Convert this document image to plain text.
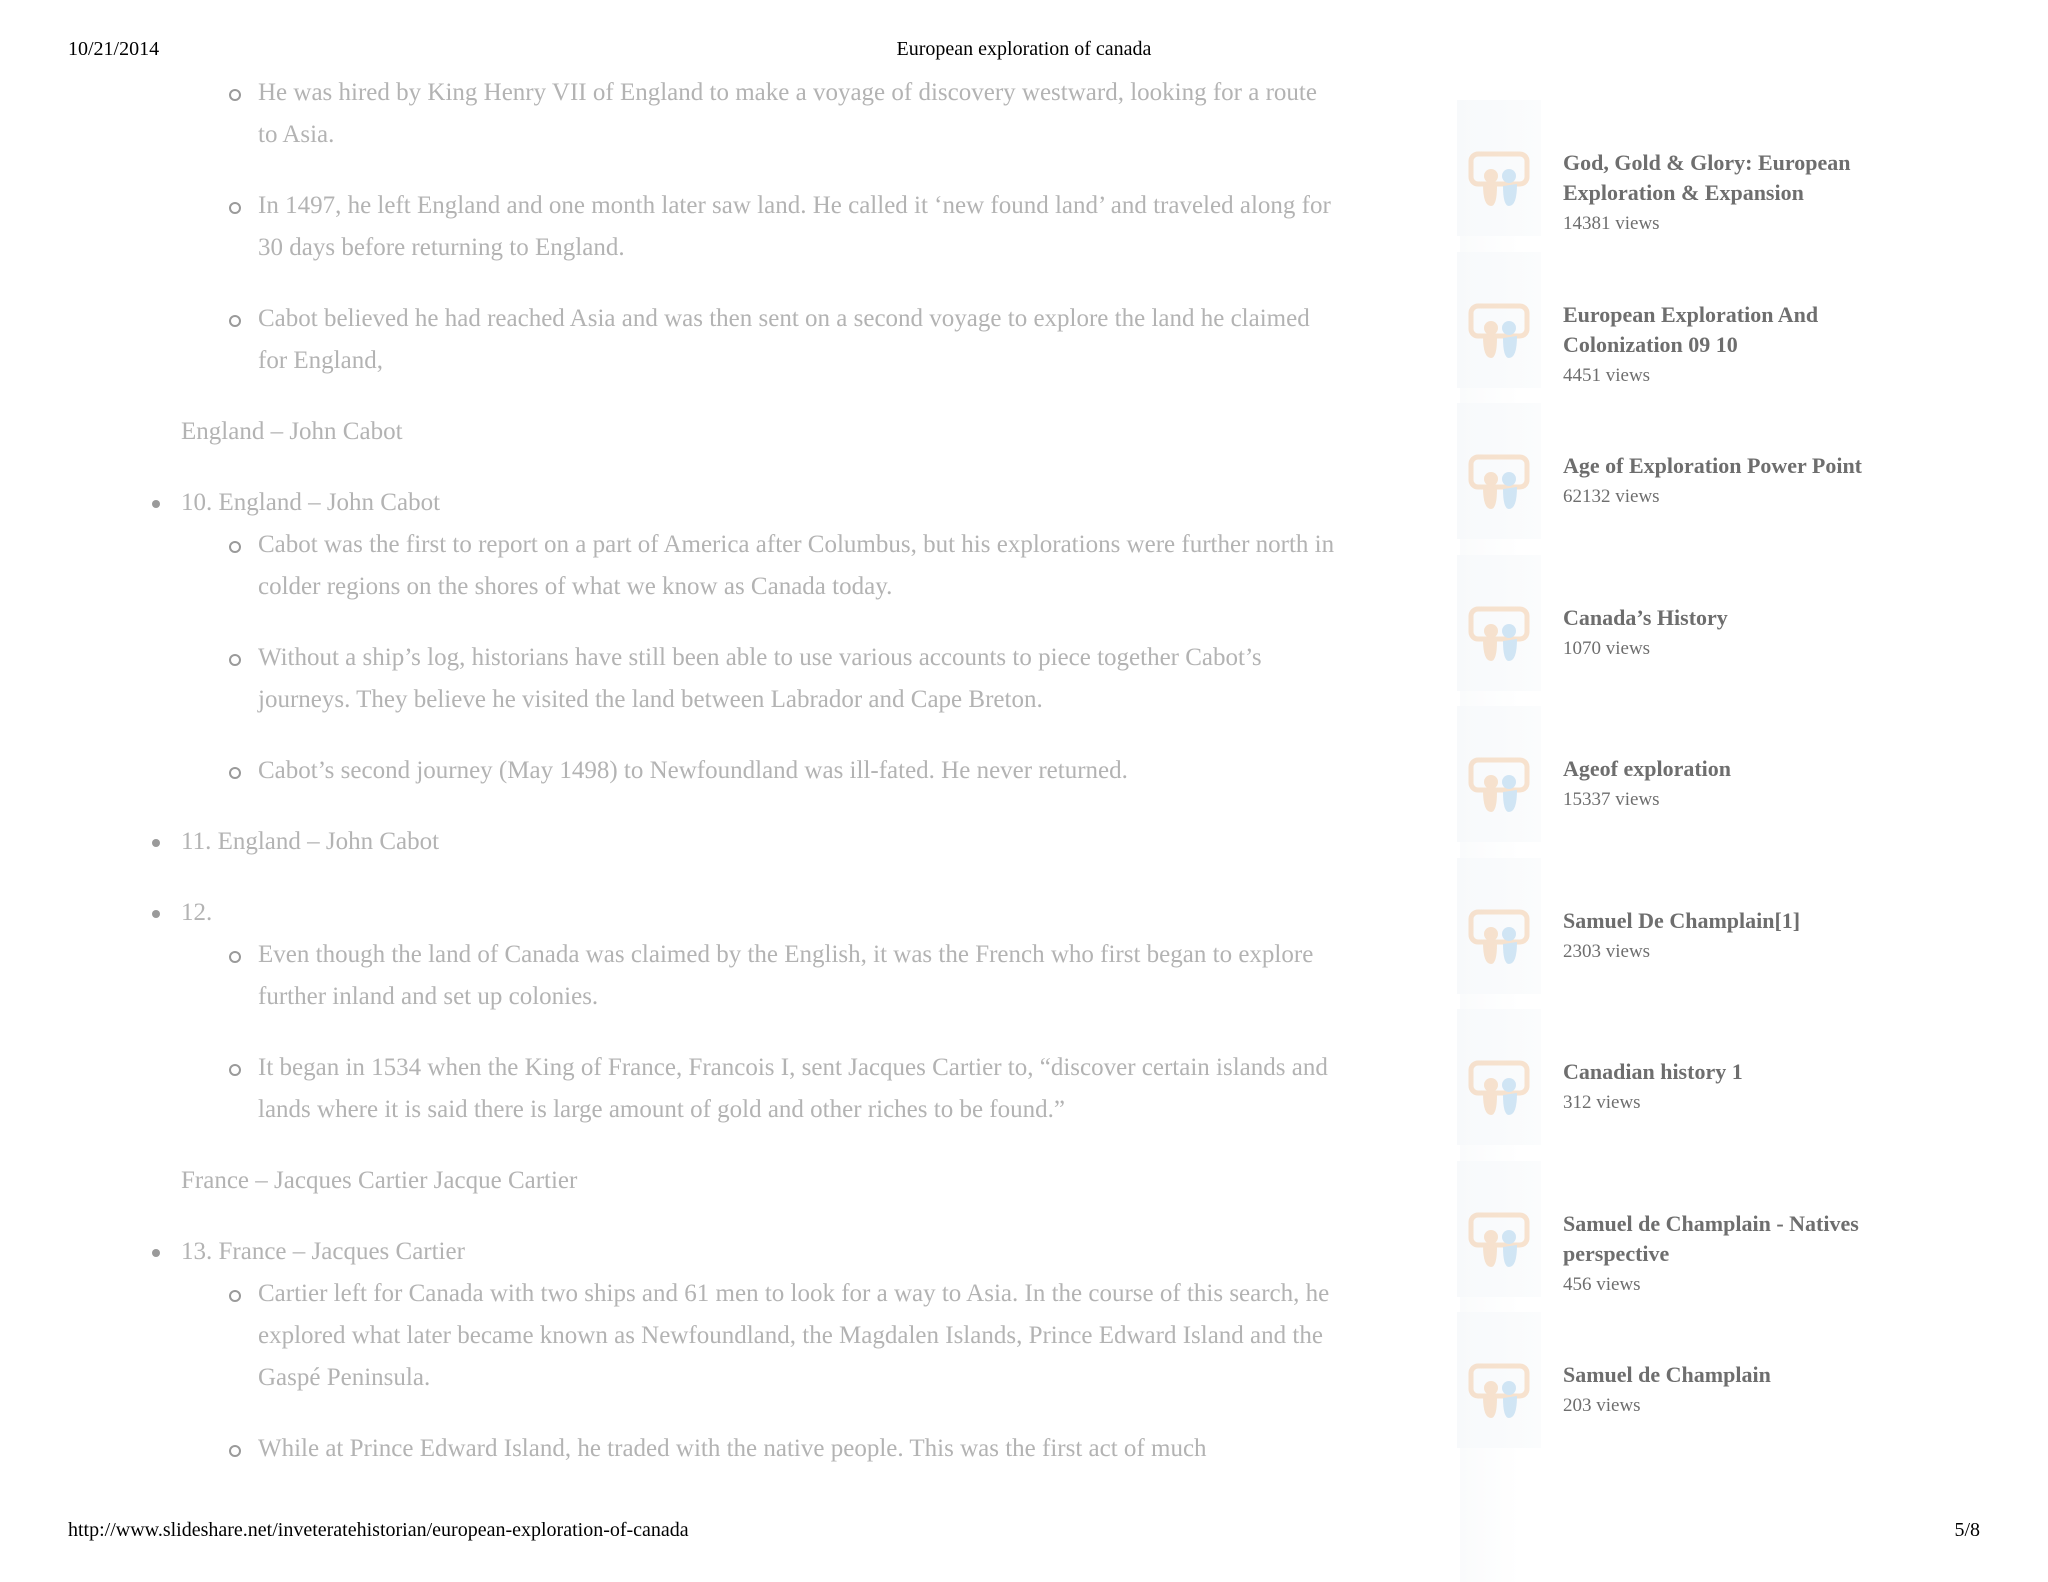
10/21/2014	European exploration of canada
He was hired by King Henry VII of England to make a voyage of discovery westward, looking for a route to Asia.
In 1497, he left England and one month later saw land. He called it ‘new found land’ and traveled along for 30 days before returning to England.
Cabot believed he had reached Asia and was then sent on a second voyage to explore the land he claimed for England,
England – John Cabot
10. England – John Cabot
Cabot was the first to report on a part of America after Columbus, but his explorations were further north in colder regions on the shores of what we know as Canada today.
Without a ship’s log, historians have still been able to use various accounts to piece together Cabot’s journeys. They believe he visited the land between Labrador and Cape Breton.
Cabot’s second journey (May 1498) to Newfoundland was ill-fated. He never returned.
11. England – John Cabot
12.
Even though the land of Canada was claimed by the English, it was the French who first began to explore further inland and set up colonies.
It began in 1534 when the King of France, Francois I, sent Jacques Cartier to, “discover certain islands and lands where it is said there is large amount of gold and other riches to be found.”
France – Jacques Cartier Jacque Cartier
13. France – Jacques Cartier
Cartier left for Canada with two ships and 61 men to look for a way to Asia. In the course of this search, he explored what later became known as Newfoundland, the Magdalen Islands, Prince Edward Island and the Gaspé Peninsula.
While at Prince Edward Island, he traded with the native people. This was the first act of much
God, Gold & Glory: European Exploration & Expansion
14381 views
European Exploration And Colonization 09 10
4451 views
Age of Exploration Power Point
62132 views
Canada’s History
1070 views
Ageof exploration
15337 views
Samuel De Champlain[1]
2303 views
Canadian history 1
312 views
Samuel de Champlain - Natives perspective
456 views
Samuel de Champlain
203 views
http://www.slideshare.net/inveteratehistorian/european-exploration-of-canada	5/8
